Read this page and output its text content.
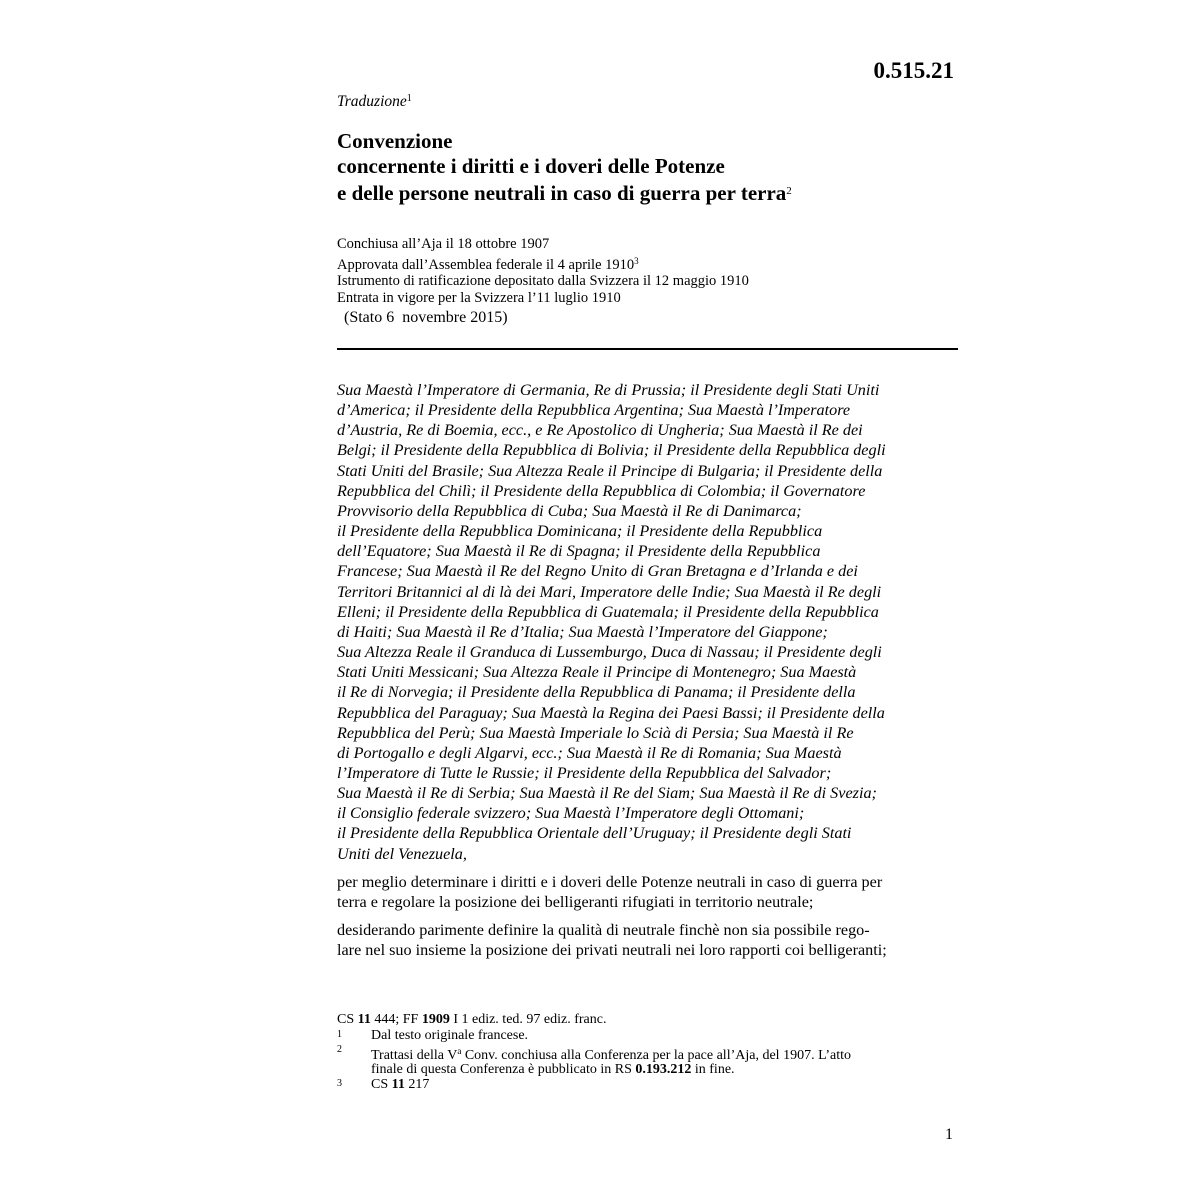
0.515.21
Traduzione$^1$
Convenzione
concernente i diritti e i doveri delle Potenze
e delle persone neutrali in caso di guerra per terra$^2$
Conchiusa all’Aja il 18 ottobre 1907
Approvata dall’Assemblea federale il 4 aprile 1910$^3$
Istrumento di ratificazione depositato dalla Svizzera il 12 maggio 1910
Entrata in vigore per la Svizzera l’11 luglio 1910
(Stato 6  novembre 2015)
Sua Maestà l’Imperatore di Germania, Re di Prussia; il Presidente degli Stati Uniti
d’America; il Presidente della Repubblica Argentina; Sua Maestà l’Imperatore
d’Austria, Re di Boemia, ecc., e Re Apostolico di Ungheria; Sua Maestà il Re dei
Belgi; il Presidente della Repubblica di Bolivia; il Presidente della Repubblica degli
Stati Uniti del Brasile; Sua Altezza Reale il Principe di Bulgaria; il Presidente della
Repubblica del Chilì; il Presidente della Repubblica di Colombia; il Governatore
Provvisorio della Repubblica di Cuba; Sua Maestà il Re di Danimarca;
il Presidente della Repubblica Dominicana; il Presidente della Repubblica
dell’Equatore; Sua Maestà il Re di Spagna; il Presidente della Repubblica
Francese; Sua Maestà il Re del Regno Unito di Gran Bretagna e d’Irlanda e dei
Territori Britannici al di là dei Mari, Imperatore delle Indie; Sua Maestà il Re degli
Elleni; il Presidente della Repubblica di Guatemala; il Presidente della Repubblica
di Haiti; Sua Maestà il Re d’Italia; Sua Maestà l’Imperatore del Giappone;
Sua Altezza Reale il Granduca di Lussemburgo, Duca di Nassau; il Presidente degli
Stati Uniti Messicani; Sua Altezza Reale il Principe di Montenegro; Sua Maestà
il Re di Norvegia; il Presidente della Repubblica di Panama; il Presidente della
Repubblica del Paraguay; Sua Maestà la Regina dei Paesi Bassi; il Presidente della
Repubblica del Perù; Sua Maestà Imperiale lo Scià di Persia; Sua Maestà il Re
di Portogallo e degli Algarvi, ecc.; Sua Maestà il Re di Romania; Sua Maestà
l’Imperatore di Tutte le Russie; il Presidente della Repubblica del Salvador;
Sua Maestà il Re di Serbia; Sua Maestà il Re del Siam; Sua Maestà il Re di Svezia;
il Consiglio federale svizzero; Sua Maestà l’Imperatore degli Ottomani;
il Presidente della Repubblica Orientale dell’Uruguay; il Presidente degli Stati
Uniti del Venezuela,
per meglio determinare i diritti e i doveri delle Potenze neutrali in caso di guerra per
terra e regolare la posizione dei belligeranti rifugiati in territorio neutrale;
desiderando parimente definire la qualità di neutrale finchè non sia possibile rego-
lare nel suo insieme la posizione dei privati neutrali nei loro rapporti coi belligeranti;
CS 11 444; FF 1909 I 1 ediz. ted. 97 ediz. franc.
1	Dal testo originale francese.
2	Trattasi della $V^a$ Conv. conchiusa alla Conferenza per la pace all’Aja, del 1907. L’atto
finale di questa Conferenza è pubblicato in RS 0.193.212 in fine.
3	CS 11 217
1
